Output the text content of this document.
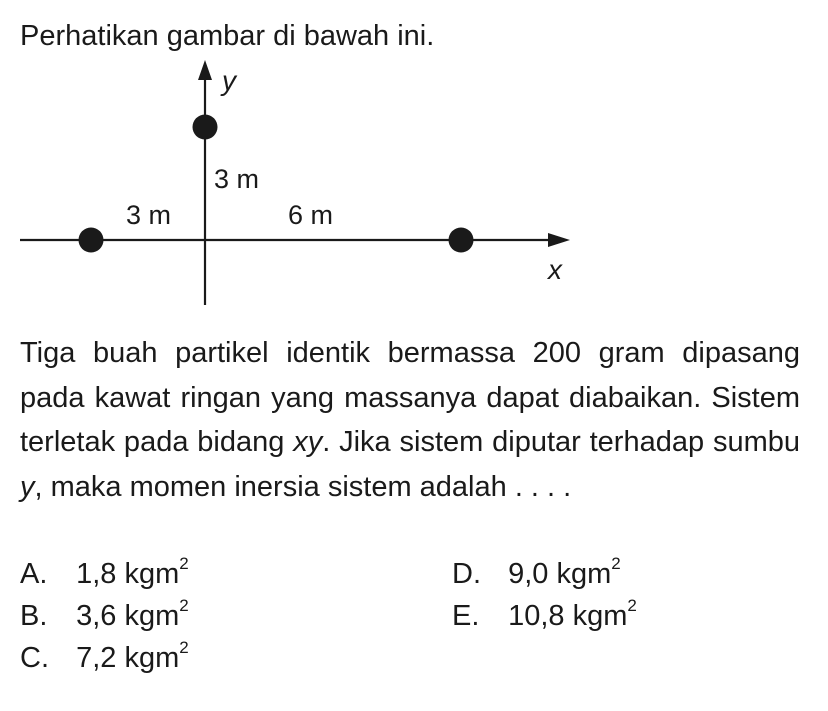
Perhatikan gambar di bawah ini.

y
x
3 m
3 m	6 m

Tiga buah partikel identik bermassa 200 gram dipasang pada kawat ringan yang massanya dapat diabaikan. Sistem terletak pada bidang xy. Jika sistem diputar terhadap sumbu y, maka momen inersia sistem adalah . . . .

A. 1,8 kgm$^2$
B. 3,6 kgm$^2$
C. 7,2 kgm$^2$
D. 9,0 kgm$^2$
E. 10,8 kgm$^2$
